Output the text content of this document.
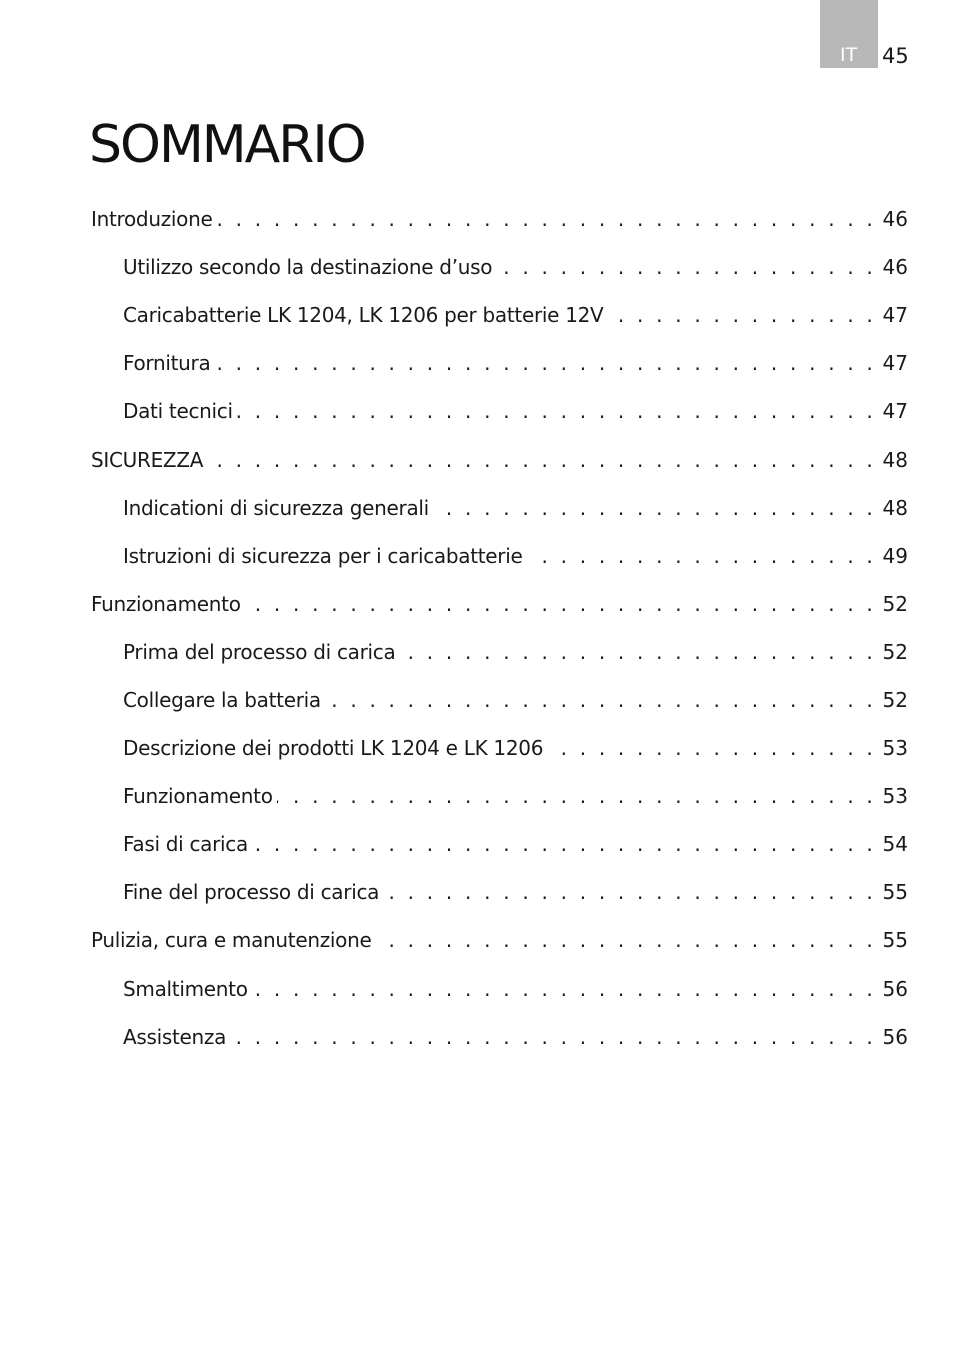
IT 45
SOMMARIO
Introduzione . . .	46
Utilizzo secondo la destinazione d’uso . . .	46
Caricabatterie LK 1204, LK 1206 per batterie 12V . . .	47
Fornitura . . .	47
Dati tecnici . . .	47
SICUREZZA . . .	48
Indicationi di sicurezza generali . . .	48
Istruzioni di sicurezza per i caricabatterie . . .	49
Funzionamento . . .	52
Prima del processo di carica . . .	52
Collegare la batteria . . .	52
Descrizione dei prodotti LK 1204 e LK 1206 . . .	53
Funzionamento . . .	53
Fasi di carica . . .	54
Fine del processo di carica . . .	55
Pulizia, cura e manutenzione . . .	55
Smaltimento . . .	56
Assistenza . . .	56
